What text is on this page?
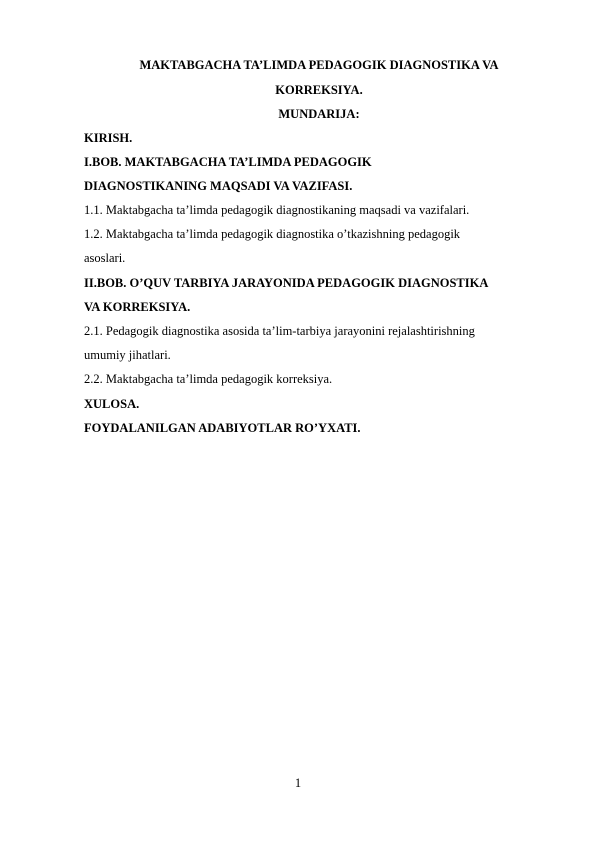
MAKTABGACHA TA’LIMDA PEDAGOGIK DIAGNOSTIKA VA
KORREKSIYA.
MUNDARIJA:
KIRISH.
I.BOB. MAKTABGACHA TA’LIMDA PEDAGOGIK
DIAGNOSTIKANING MAQSADI VA VAZIFASI.
1.1. Maktabgacha ta’limda pedagogik diagnostikaning maqsadi va vazifalari.
1.2. Maktabgacha ta’limda pedagogik diagnostika o’tkazishning pedagogik
asoslari.
II.BOB. O’QUV TARBIYA JARAYONIDA PEDAGOGIK DIAGNOSTIKA
VA KORREKSIYA.
2.1. Pedagogik diagnostika asosida ta’lim-tarbiya jarayonini rejalashtirishning
umumiy jihatlari.
2.2. Maktabgacha ta’limda pedagogik korreksiya.
XULOSA.
FOYDALANILGAN ADABIYOTLAR RO’YXATI.
1
